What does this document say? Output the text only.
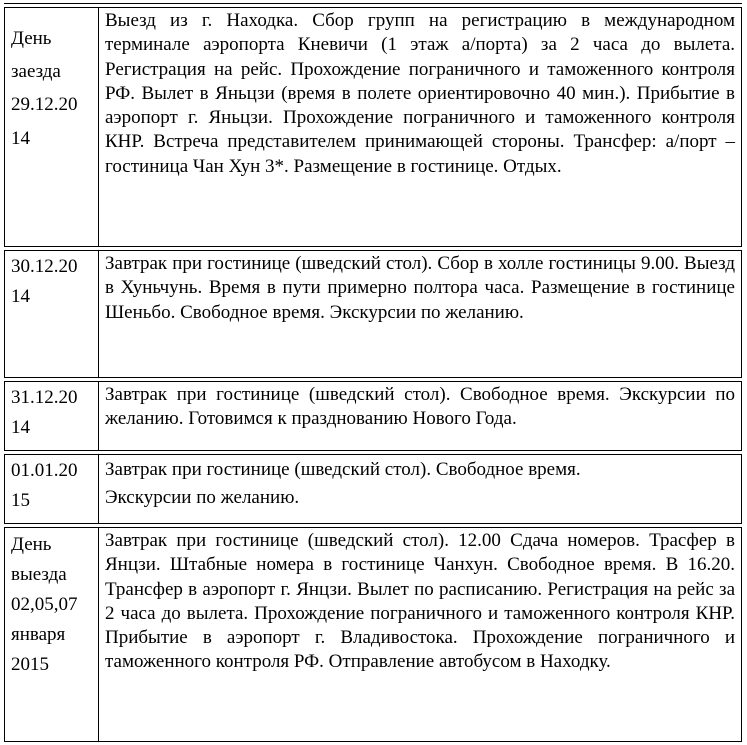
День заезда
29.12.2014	Выезд из г. Находка. Сбор групп на регистрацию в международном терминале аэропорта Кневичи (1 этаж а/порта) за 2 часа до вылета. Регистрация на рейс. Прохождение пограничного и таможенного контроля РФ. Вылет в Яньцзи (время в полете ориентировочно 40 мин.). Прибытие в аэропорт г. Яньцзи. Прохождение пограничного и таможенного контроля КНР. Встреча представителем принимающей стороны. Трансфер: а/порт – гостиница Чан Хун 3*. Размещение в гостинице. Отдых.

30.12.2014	Завтрак при гостинице (шведский стол). Сбор в холле гостиницы 9.00. Выезд в Хуньчунь. Время в пути примерно полтора часа. Размещение в гостинице Шеньбо. Свободное время. Экскурсии по желанию.

31.12.2014	Завтрак при гостинице (шведский стол). Свободное время. Экскурсии по желанию. Готовимся к празднованию Нового Года.

01.01.2015	Завтрак при гостинице (шведский стол). Свободное время.
Экскурсии по желанию.

День выезда
02,05,07 января 2015	Завтрак при гостинице (шведский стол). 12.00 Сдача номеров. Трасфер в Янцзи. Штабные номера в гостинице Чанхун. Свободное время. В 16.20. Трансфер в аэропорт г. Янцзи. Вылет по расписанию. Регистрация на рейс за 2 часа до вылета. Прохождение пограничного и таможенного контроля КНР. Прибытие в аэропорт г. Владивостока. Прохождение пограничного и таможенного контроля РФ. Отправление автобусом в Находку.
